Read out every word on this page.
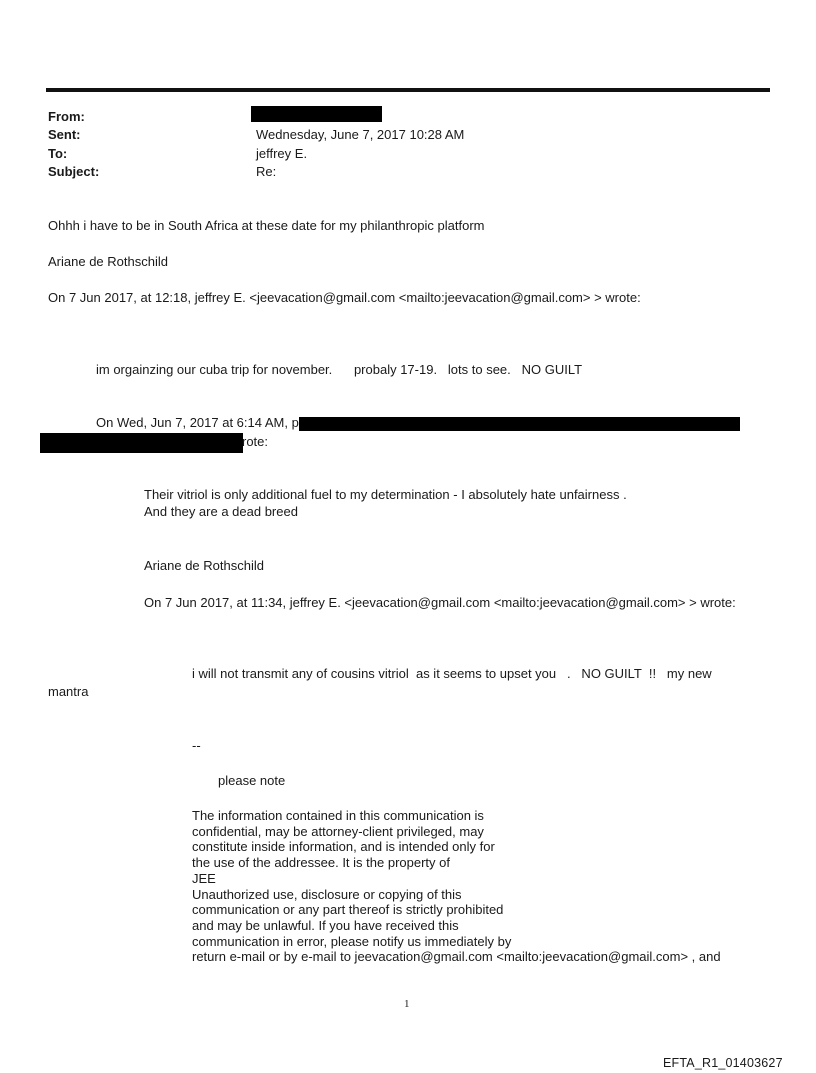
From:
Sent:
To:
Subject:
Wednesday, June 7, 2017 10:28 AM
jeffrey E.
Re:
Ohhh i have to be in South Africa at these date for my philanthropic platform
Ariane de Rothschild
On 7 Jun 2017, at 12:18, jeffrey E. <jeevacation@gmail.com <mailto:jeevacation@gmail.com> > wrote:
im orgainzing our cuba trip for november.      probaly 17-19.   lots to see.   NO GUILT
On Wed, Jun 7, 2017 at 6:14 AM, p
rote:
Their vitriol is only additional fuel to my determination - I absolutely hate unfairness .
And they are a dead breed
Ariane de Rothschild
On 7 Jun 2017, at 11:34, jeffrey E. <jeevacation@gmail.com <mailto:jeevacation@gmail.com> > wrote:
i will not transmit any of cousins vitriol  as it seems to upset you   .   NO GUILT  !!   my new
mantra
--
please note
The information contained in this communication is
confidential, may be attorney-client privileged, may
constitute inside information, and is intended only for
the use of the addressee. It is the property of
JEE
Unauthorized use, disclosure or copying of this
communication or any part thereof is strictly prohibited
and may be unlawful. If you have received this
communication in error, please notify us immediately by
return e-mail or by e-mail to jeevacation@gmail.com <mailto:jeevacation@gmail.com> , and
1
EFTA_R1_01403627
